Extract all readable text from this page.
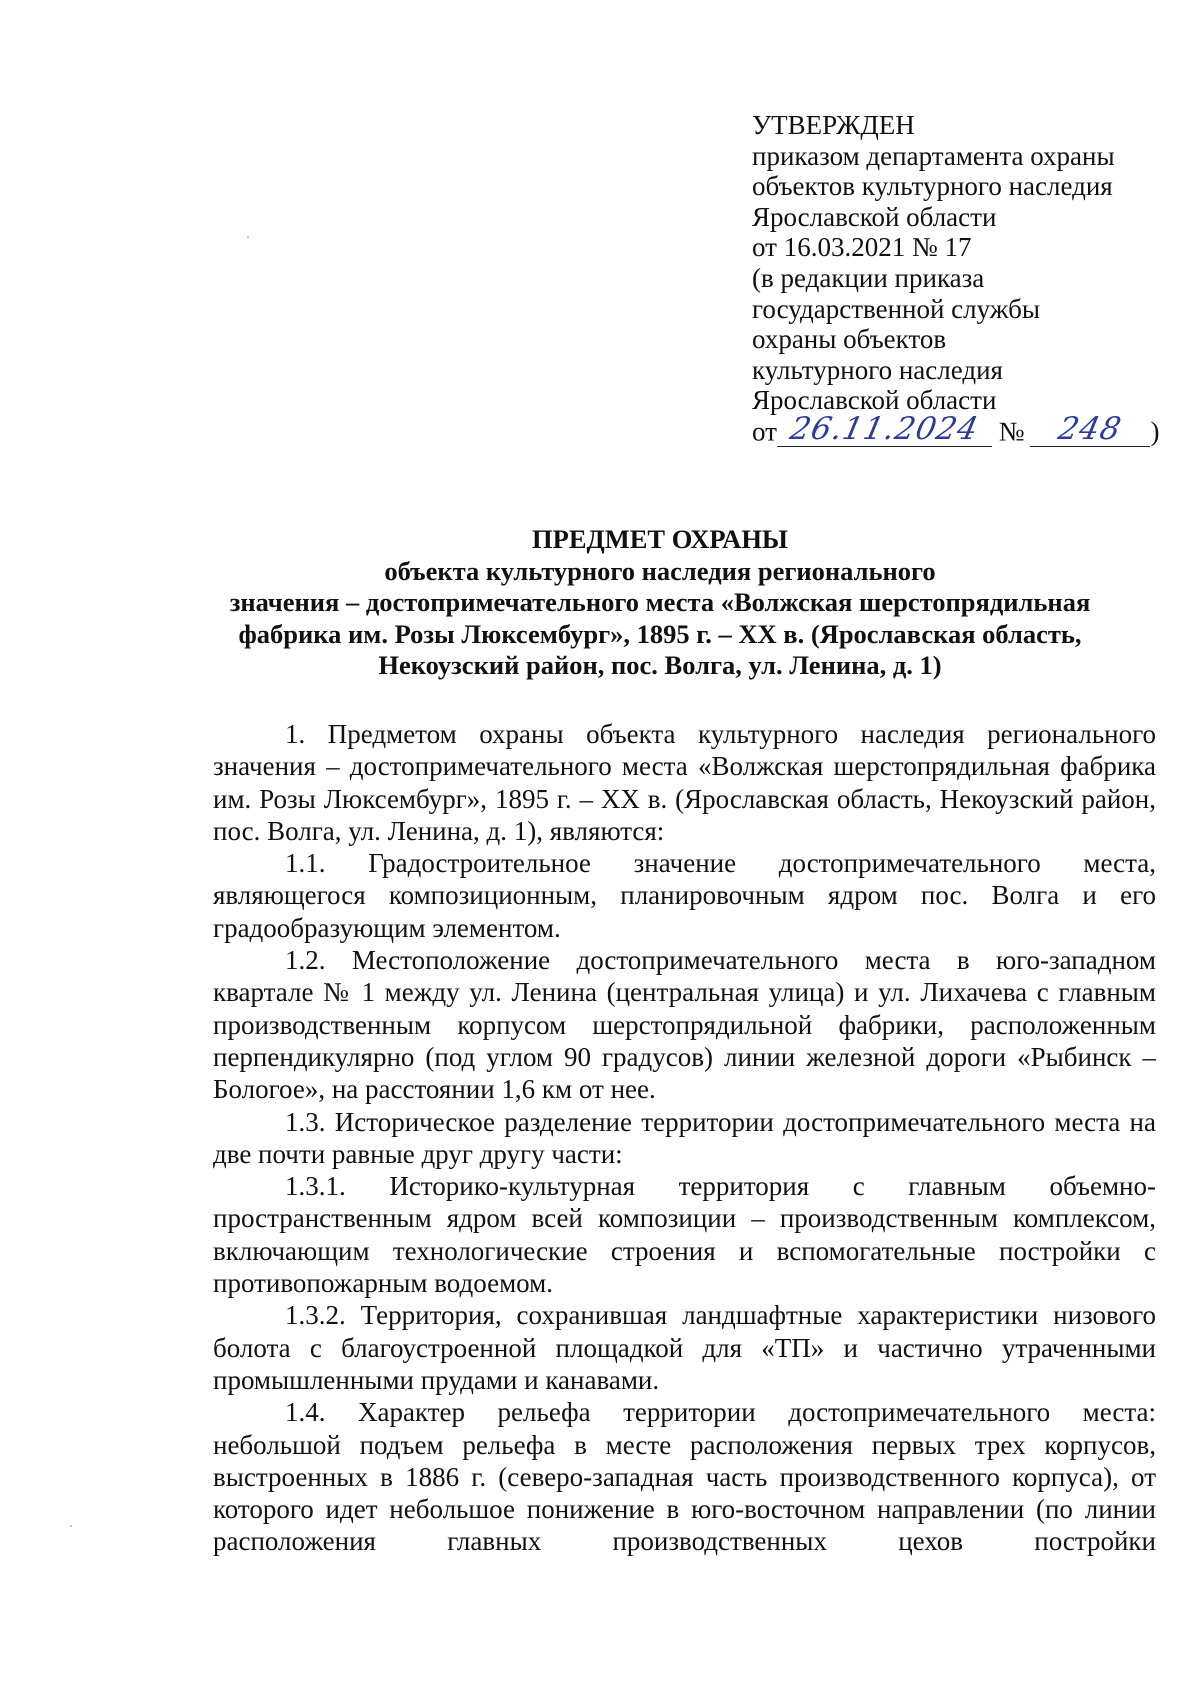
УТВЕРЖДЕН
приказом департамента охраны
объектов культурного наследия
Ярославской области
от 16.03.2021 № 17
(в редакции приказа
государственной службы
охраны объектов
культурного наследия
Ярославской области
от 26.11.2024 №	248 )
ПРЕДМЕТ ОХРАНЫ
объекта культурного наследия регионального
значения – достопримечательного места «Волжская шерстопрядильная
фабрика им. Розы Люксембург», 1895 г. – XX в. (Ярославская область,
Некоузский район, пос. Волга, ул. Ленина, д. 1)

1. Предметом охраны объекта культурного наследия регионального значения – достопримечательного места «Волжская шерстопрядильная фабрика им. Розы Люксембург», 1895 г. – XX в. (Ярославская область, Некоузский район, пос. Волга, ул. Ленина, д. 1), являются:

1.1. Градостроительное значение достопримечательного места, являющегося композиционным, планировочным ядром пос. Волга и его градообразующим элементом.

1.2. Местоположение достопримечательного места в юго-западном квартале № 1 между ул. Ленина (центральная улица) и ул. Лихачева с главным производственным корпусом шерстопрядильной фабрики, расположенным перпендикулярно (под углом 90 градусов) линии железной дороги «Рыбинск – Бологое», на расстоянии 1,6 км от нее.

1.3. Историческое разделение территории достопримечательного места на две почти равные друг другу части:

1.3.1. Историко-культурная территория с главным объемно-пространственным ядром всей композиции – производственным комплексом, включающим технологические строения и вспомогательные постройки с противопожарным водоемом.

1.3.2. Территория, сохранившая ландшафтные характеристики низового болота с благоустроенной площадкой для «ТП» и частично утраченными промышленными прудами и канавами.

1.4. Характер рельефа территории достопримечательного места: небольшой подъем рельефа в месте расположения первых трех корпусов, выстроенных в 1886 г. (северо-западная часть производственного корпуса), от которого идет небольшое понижение в юго-восточном направлении (по линии расположения главных производственных цехов постройки
